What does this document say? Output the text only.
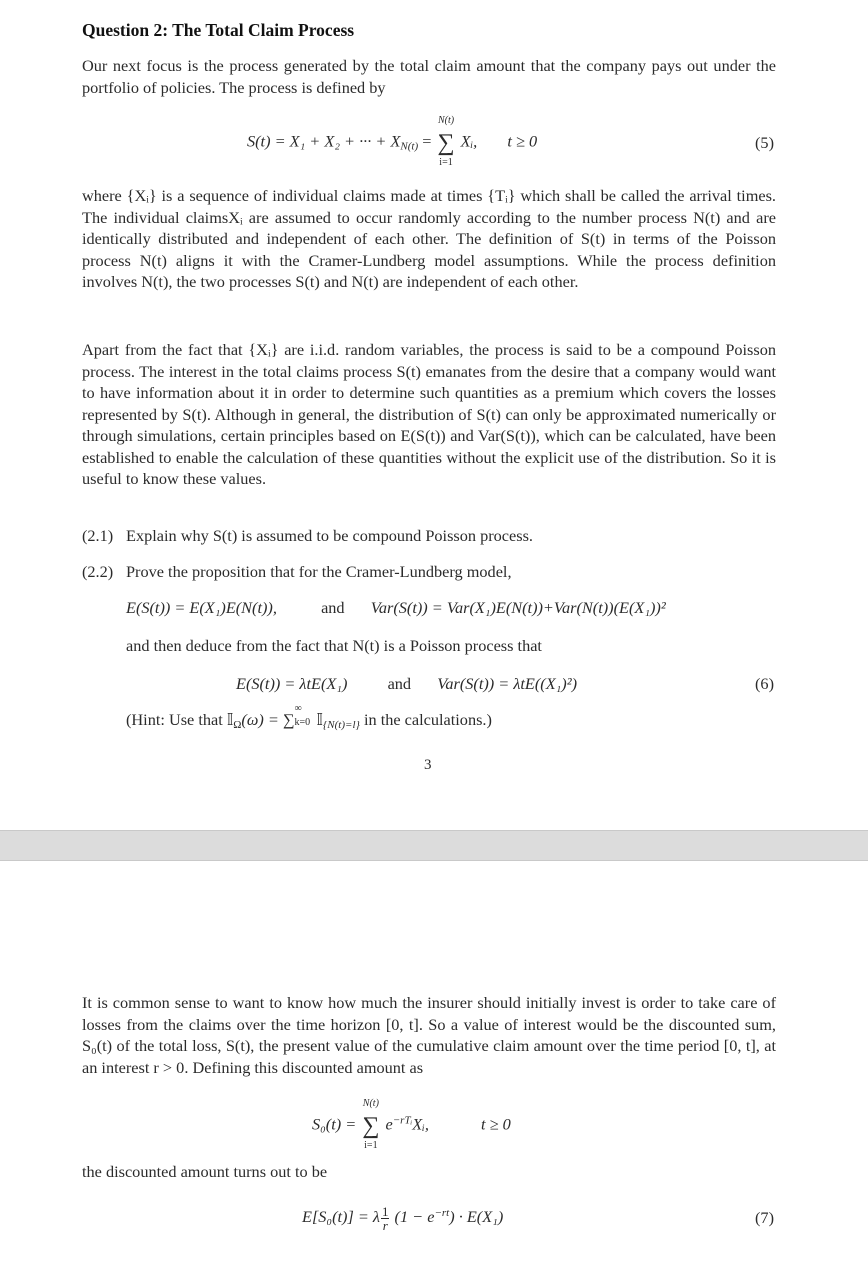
Question 2: The Total Claim Process
Our next focus is the process generated by the total claim amount that the company pays out under the portfolio of policies. The process is defined by
S(t) = X₁ + X₂ + ··· + $X_{N(t)}$ =
N(t)
∑
i=1
Xᵢ, t ≥ 0	(5)
where {Xᵢ} is a sequence of individual claims made at times {Tᵢ} which shall be called the arrival times. The individual claimsXᵢ are assumed to occur randomly according to the number process N(t) and are identically distributed and independent of each other. The definition of S(t) in terms of the Poisson process N(t) aligns it with the Cramer-Lundberg model assumptions. While the process definition involves N(t), the two processes S(t) and N(t) are independent of each other.
Apart from the fact that {Xᵢ} are i.i.d. random variables, the process is said to be a compound Poisson process. The interest in the total claims process S(t) emanates from the desire that a company would want to have information about it in order to determine such quantities as a premium which covers the losses represented by S(t). Although in general, the distribution of S(t) can only be approximated numerically or through simulations, certain principles based on E(S(t)) and Var(S(t)), which can be calculated, have been established to enable the calculation of these quantities without the explicit use of the distribution. So it is useful to know these values.
(2.1) Explain why S(t) is assumed to be compound Poisson process.
(2.2) Prove the proposition that for the Cramer-Lundberg model,
E(S(t)) = E(X₁)E(N(t)),	and Var(S(t)) = Var(X₁)E(N(t))+Var(N(t))(E(X₁))²
and then deduce from the fact that N(t) is a Poisson process that
E(S(t)) = λtE(X₁) and Var(S(t)) = λtE((X₁)²)	(6)
(Hint: Use that 𝕀$_\Omega$(ω) = ∑
∞
k=0 𝕀$_{\{N(t)=l\}}$ in the calculations.)
3
It is common sense to want to know how much the insurer should initially invest is order to take care of losses from the claims over the time horizon [0, t]. So a value of interest would be the discounted sum, S₀(t) of the total loss, S(t), the present value of the cumulative claim amount over the time period [0, t], at an interest r > 0. Defining this discounted amount as
S₀(t) =
N(t)
∑
i=1
$e^{-rTᵢ}Xᵢ$,	t ≥ 0
the discounted amount turns out to be
E[S₀(t)] = λ $\frac{1}{r} (1 - e^{-rt}) \cdot E(X_1)$	(7)
